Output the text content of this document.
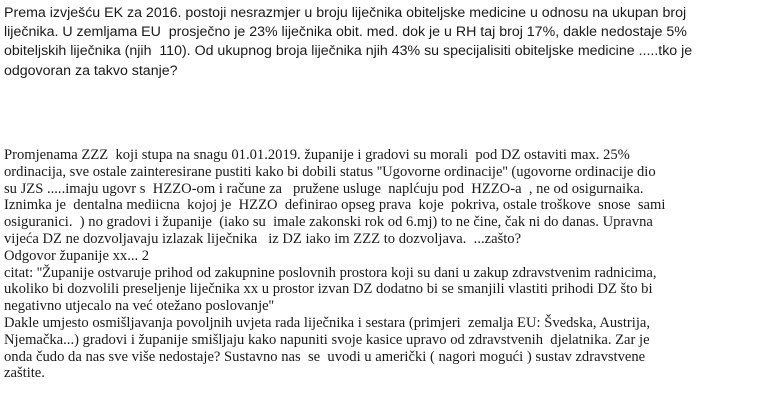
Prema izvješću EK za 2016. postoji nesrazmjer u broju liječnika obiteljske medicine u odnosu na ukupan broj
liječnika. U zemljama EU  prosječno je 23% liječnika obit. med. dok je u RH taj broj 17%, dakle nedostaje 5%
obiteljskih liječnika (njih  110). Od ukupnog broja liječnika njih 43% su specijalisiti obiteljske medicine .....tko je
odgovoran za takvo stanje?
Promjenama ZZZ  koji stupa na snagu 01.01.2019. županije i gradovi su morali  pod DZ ostaviti max. 25%
ordinacija, sve ostale zainteresirane pustiti kako bi dobili status ''Ugovorne ordinacije'' (ugovorne ordinacije dio
su JZS .....imaju ugovr s  HZZO-om i račune za   pružene usluge  naplćuju pod  HZZO-a  , ne od osigurnaika.
Iznimka je  dentalna mediicna  kojoj je  HZZO  definirao opseg prava  koje  pokriva, ostale troškove  snose  sami
osiguranici.  ) no gradovi i županije  (iako su  imale zakonski rok od 6.mj) to ne čine, čak ni do danas. Upravna
vijeća DZ ne dozvoljavaju izlazak liječnika   iz DZ iako im ZZZ to dozvoljava.  ...zašto?
Odgovor županije xx... 2
citat: ''Županije ostvaruje prihod od zakupnine poslovnih prostora koji su dani u zakup zdravstvenim radnicima,
ukoliko bi dozvolili preseljenje liječnika xx u prostor izvan DZ dodatno bi se smanjili vlastiti prihodi DZ što bi
negativno utjecalo na već otežano poslovanje''
Dakle umjesto osmišljavanja povoljnih uvjeta rada liječnika i sestara (primjeri  zemalja EU: Švedska, Austrija,
Njemačka...) gradovi i županije smišljaju kako napuniti svoje kasice upravo od zdravstvenih  djelatnika. Zar je
onda čudo da nas sve više nedostaje? Sustavno nas  se  uvodi u američki ( nagori mogući ) sustav zdravstvene
zaštite.
